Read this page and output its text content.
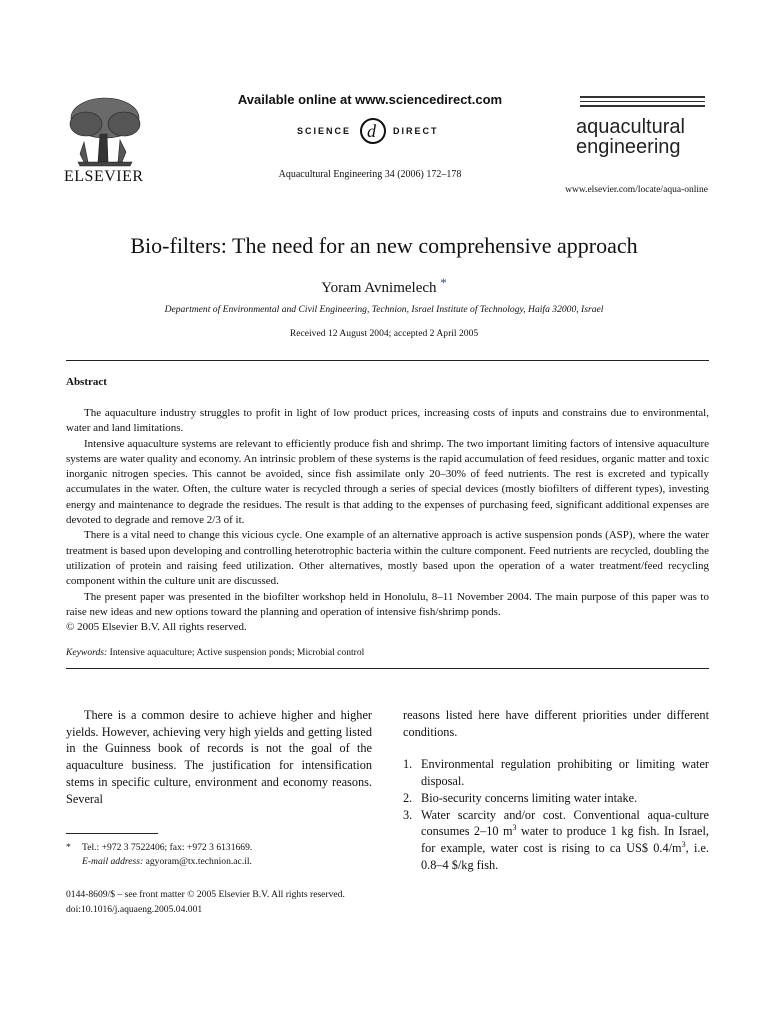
ELSEVIER
Available online at www.sciencedirect.com
SCIENCE d DIRECT
Aquacultural Engineering 34 (2006) 172–178
aquacultural
engineering
www.elsevier.com/locate/aqua-online
Bio-filters: The need for an new comprehensive approach
Yoram Avnimelech *
Department of Environmental and Civil Engineering, Technion, Israel Institute of Technology, Haifa 32000, Israel
Received 12 August 2004; accepted 2 April 2005
Abstract

The aquaculture industry struggles to profit in light of low product prices, increasing costs of inputs and constrains due to environmental, water and land limitations.

Intensive aquaculture systems are relevant to efficiently produce fish and shrimp. The two important limiting factors of intensive aquaculture systems are water quality and economy. An intrinsic problem of these systems is the rapid accumulation of feed residues, organic matter and toxic inorganic nitrogen species. This cannot be avoided, since fish assimilate only 20–30% of feed nutrients. The rest is excreted and typically accumulates in the water. Often, the culture water is recycled through a series of special devices (mostly biofilters of different types), investing energy and maintenance to degrade the residues. The result is that adding to the expenses of purchasing feed, significant additional expenses are devoted to degrade and remove 2/3 of it.

There is a vital need to change this vicious cycle. One example of an alternative approach is active suspension ponds (ASP), where the water treatment is based upon developing and controlling heterotrophic bacteria within the culture component. Feed nutrients are recycled, doubling the utilization of protein and raising feed utilization. Other alternatives, mostly based upon the operation of a water treatment/feed recycling component within the culture unit are discussed.

The present paper was presented in the biofilter workshop held in Honolulu, 8–11 November 2004. The main purpose of this paper was to raise new ideas and new options toward the planning and operation of intensive fish/shrimp ponds.

© 2005 Elsevier B.V. All rights reserved.

Keywords: Intensive aquaculture; Active suspension ponds; Microbial control

There is a common desire to achieve higher and higher yields. However, achieving very high yields and getting listed in the Guinness book of records is not the goal of the aquaculture business. The justification for intensification stems in specific culture, environment and economy reasons. Several

reasons listed here have different priorities under different conditions.

1. Environmental regulation prohibiting or limiting water disposal.
2. Bio-security concerns limiting water intake.
3. Water scarcity and/or cost. Conventional aqua-culture consumes 2–10 $m^3$ water to produce 1 kg fish. In Israel, for example, water cost is rising to ca US$ $0.4/m^3$, i.e. 0.8–4 $/kg fish.
* Tel.: +972 3 7522406; fax: +972 3 6131669.
E-mail address: agyoram@tx.technion.ac.il.
0144-8609/$ – see front matter © 2005 Elsevier B.V. All rights reserved.
doi:10.1016/j.aquaeng.2005.04.001
